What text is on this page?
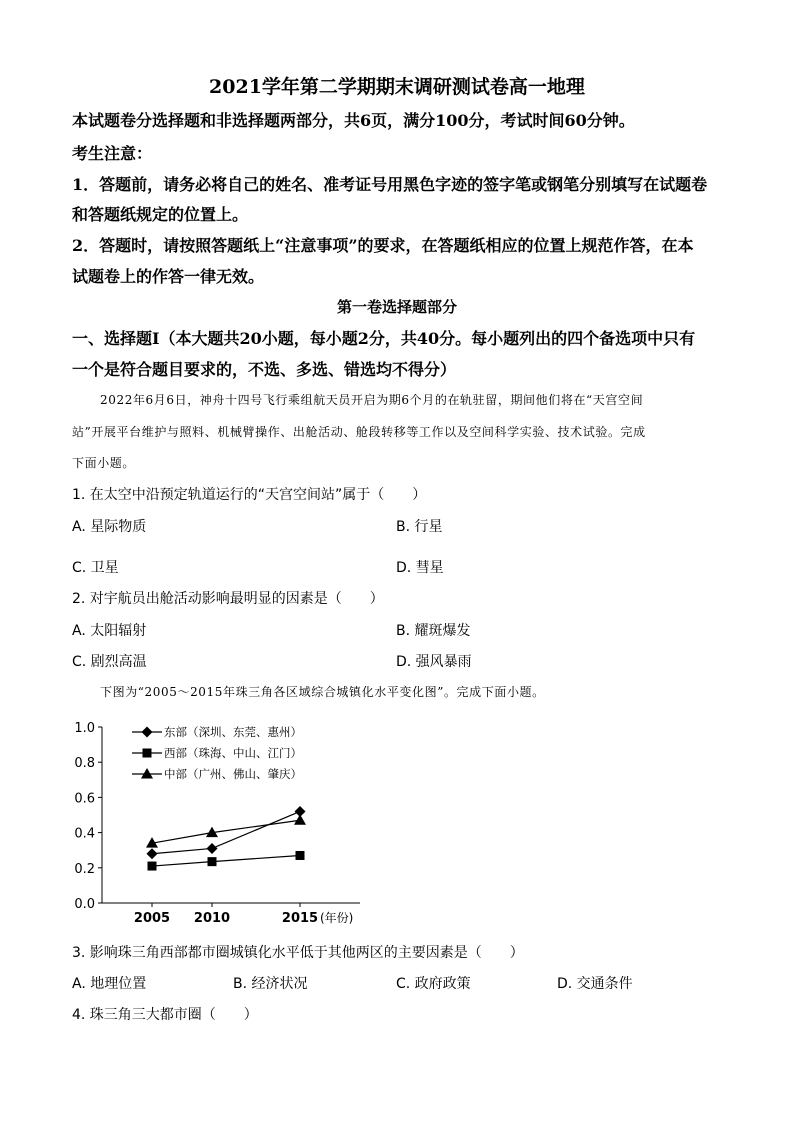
2021学年第二学期期末调研测试卷高一地理
本试题卷分选择题和非选择题两部分，共6页，满分100分，考试时间60分钟。
考生注意：
1．答题前，请务必将自己的姓名、准考证号用黑色字迹的签字笔或钢笔分别填写在试题卷
和答题纸规定的位置上。
2．答题时，请按照答题纸上“注意事项”的要求，在答题纸相应的位置上规范作答，在本
试题卷上的作答一律无效。
第一卷选择题部分
一、选择题Ⅰ（本大题共20小题，每小题2分，共40分。每小题列出的四个备选项中只有
一个是符合题目要求的，不选、多选、错选均不得分）
2022年6月6日，神舟十四号飞行乘组航天员开启为期6个月的在轨驻留，期间他们将在“天宫空间
站”开展平台维护与照料、机械臂操作、出舱活动、舱段转移等工作以及空间科学实验、技术试验。完成
下面小题。
1. 在太空中沿预定轨道运行的“天宫空间站”属于（　　）
A. 星际物质	B. 行星
C. 卫星	D. 彗星
2. 对宇航员出舱活动影响最明显的因素是（　　）
A. 太阳辐射	B. 耀斑爆发
C. 剧烈高温	D. 强风暴雨
下图为“2005～2015年珠三角各区域综合城镇化水平变化图”。完成下面小题。
0.0
0.2
0.4
0.6
0.8
1.0
2005 2010	2015 (年份)
东部（深圳、东莞、惠州）
西部（珠海、中山、江门）
中部（广州、佛山、肇庆）
3. 影响珠三角西部都市圈城镇化水平低于其他两区的主要因素是（　　）
A. 地理位置	B. 经济状况	C. 政府政策	D. 交通条件
4. 珠三角三大都市圈（　　）
